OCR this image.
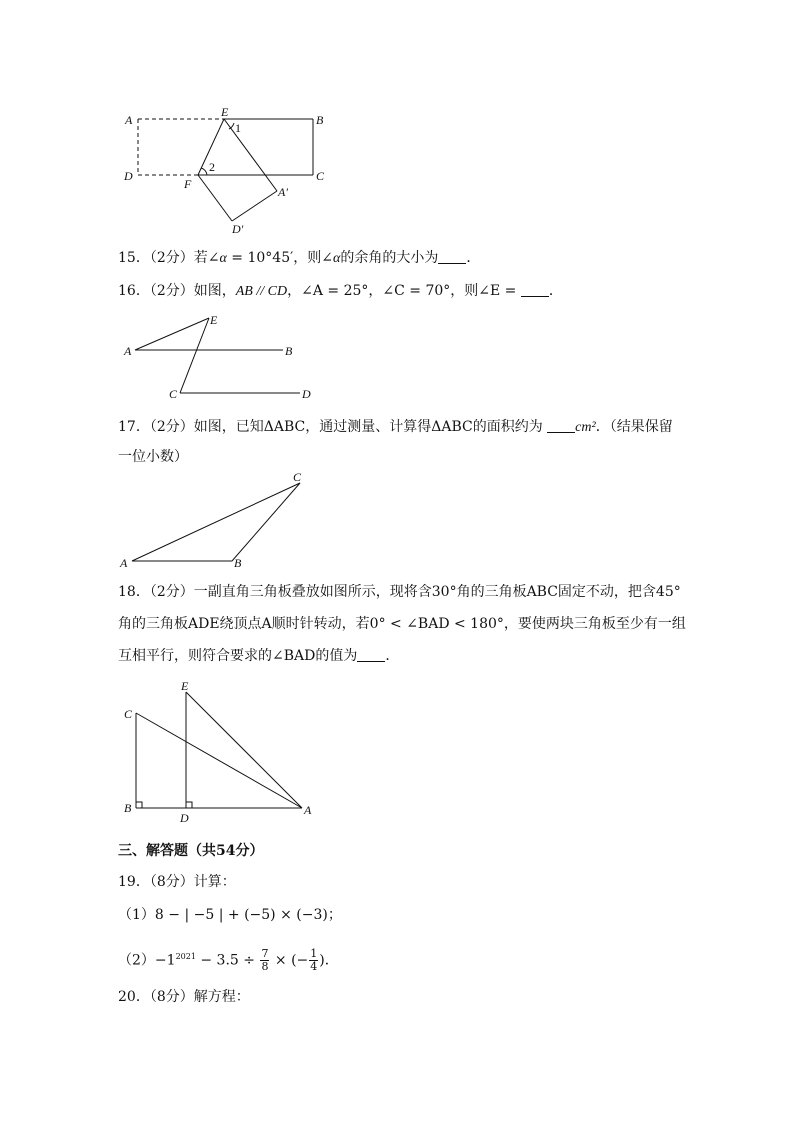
A
E
B
1
2
D
F
C
A′
D′
15．（2分）若∠α = 10°45′，则∠α的余角的大小为 ．
16．（2分）如图，AB // CD，∠A = 25°，∠C = 70°，则∠E = ．
A	B
E
C	D
17．（2分）如图，已知ΔABC，通过测量、计算得ΔABC的面积约为 cm²．（结果保留
一位小数）
A	B
C
18．（2分）一副直角三角板叠放如图所示，现将含30°角的三角板ABC固定不动，把含45°
角的三角板ADE绕顶点A顺时针转动，若0° < ∠BAD < 180°，要使两块三角板至少有一组
互相平行，则符合要求的∠BAD的值为 ．
E
C
B
D
A
三、解答题（共54分）
19．（8分）计算：
（1）8 − | −5 | + (−5) × (−3)；
$(2)-1^{2021} - 3.5 \div \frac{7}{8}$ × (− $\frac{1}{4}$ )．
20．（8分）解方程：
